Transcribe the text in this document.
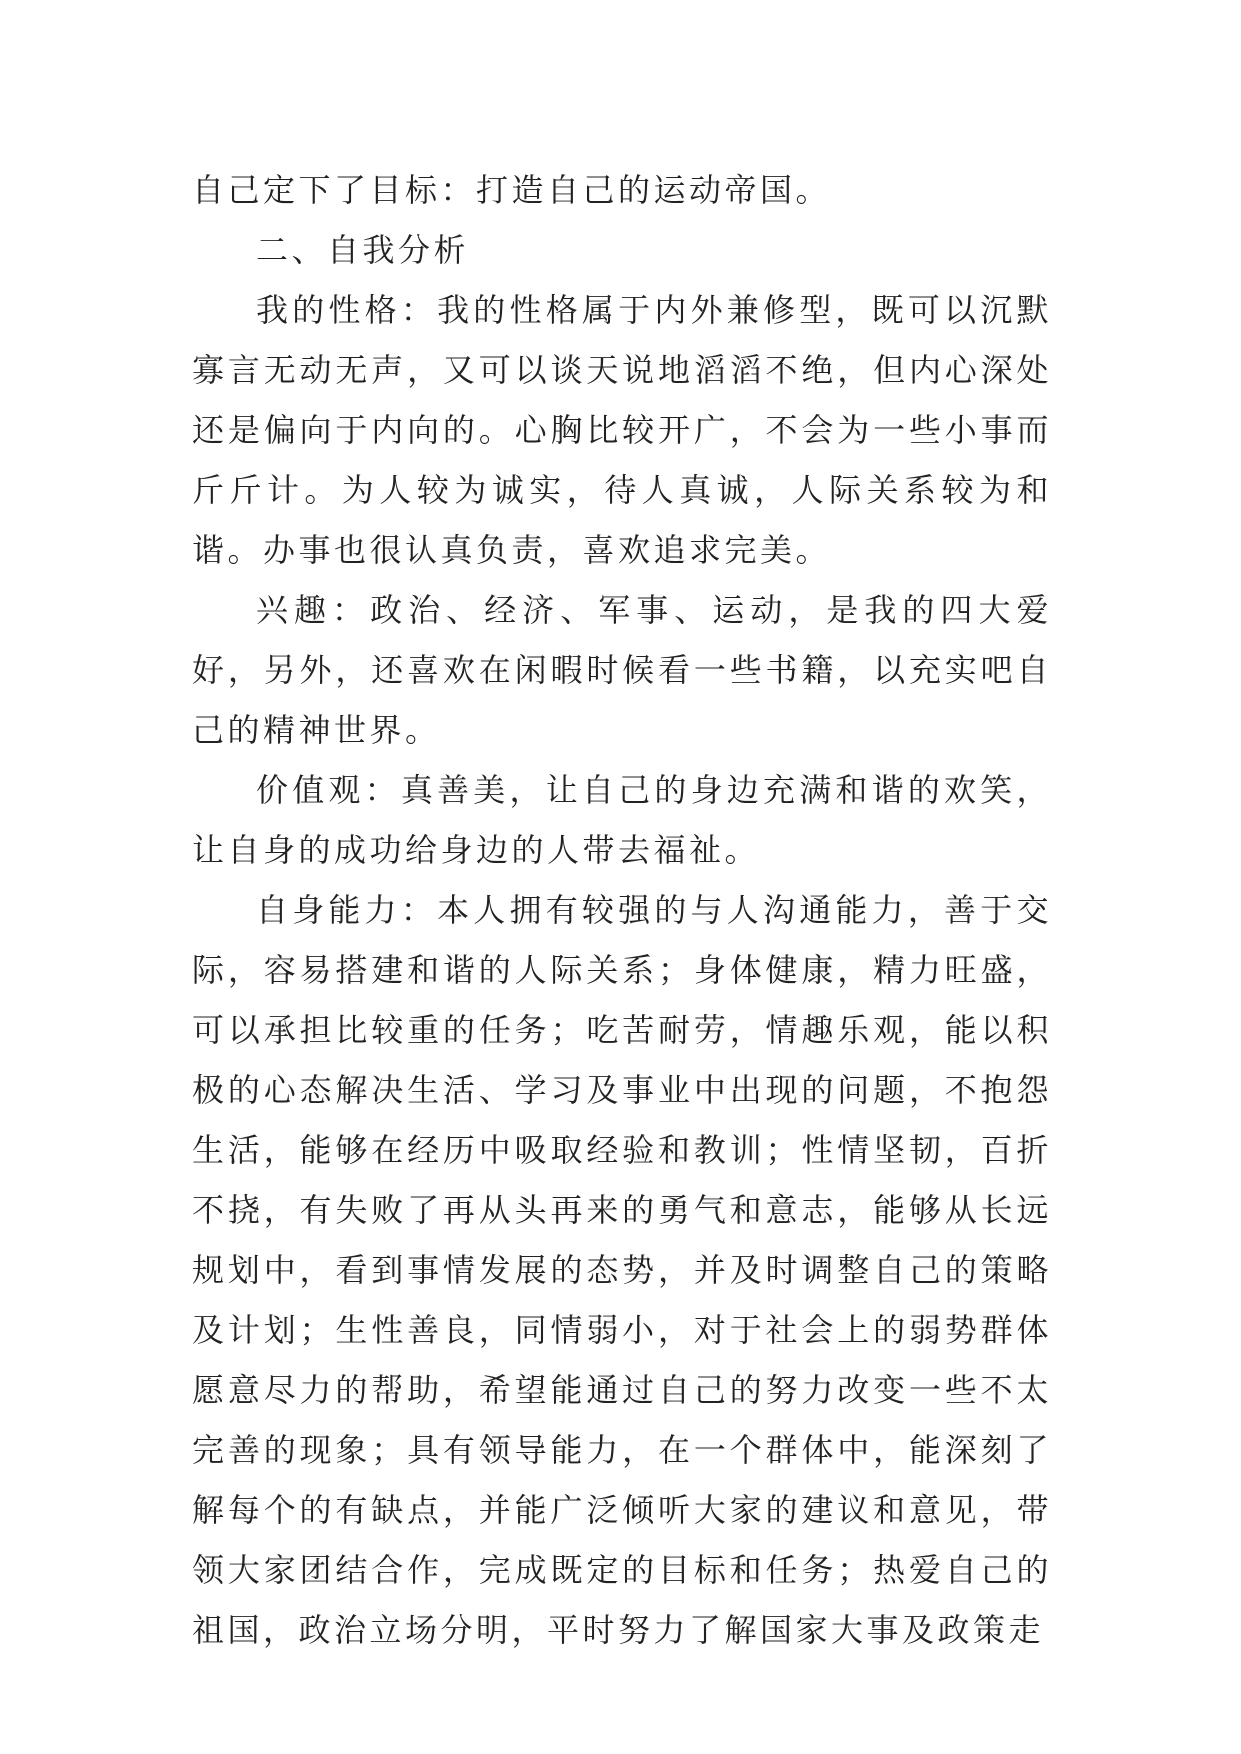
自己定下了目标：打造自己的运动帝国。

二、自我分析

我的性格：我的性格属于内外兼修型，既可以沉默寡言无动无声，又可以谈天说地滔滔不绝，但内心深处还是偏向于内向的。心胸比较开广，不会为一些小事而斤斤计。为人较为诚实，待人真诚，人际关系较为和谐。办事也很认真负责，喜欢追求完美。

兴趣：政治、经济、军事、运动，是我的四大爱好，另外，还喜欢在闲暇时候看一些书籍，以充实吧自己的精神世界。

价值观：真善美，让自己的身边充满和谐的欢笑，让自身的成功给身边的人带去福祉。

自身能力：本人拥有较强的与人沟通能力，善于交际，容易搭建和谐的人际关系；身体健康，精力旺盛，可以承担比较重的任务；吃苦耐劳，情趣乐观，能以积极的心态解决生活、学习及事业中出现的问题，不抱怨生活，能够在经历中吸取经验和教训；性情坚韧，百折不挠，有失败了再从头再来的勇气和意志，能够从长远规划中，看到事情发展的态势，并及时调整自己的策略及计划；生性善良，同情弱小，对于社会上的弱势群体愿意尽力的帮助，希望能通过自己的努力改变一些不太完善的现象；具有领导能力，在一个群体中，能深刻了解每个的有缺点，并能广泛倾听大家的建议和意见，带领大家团结合作，完成既定的目标和任务；热爱自己的祖国，政治立场分明，平时努力了解国家大事及政策走
